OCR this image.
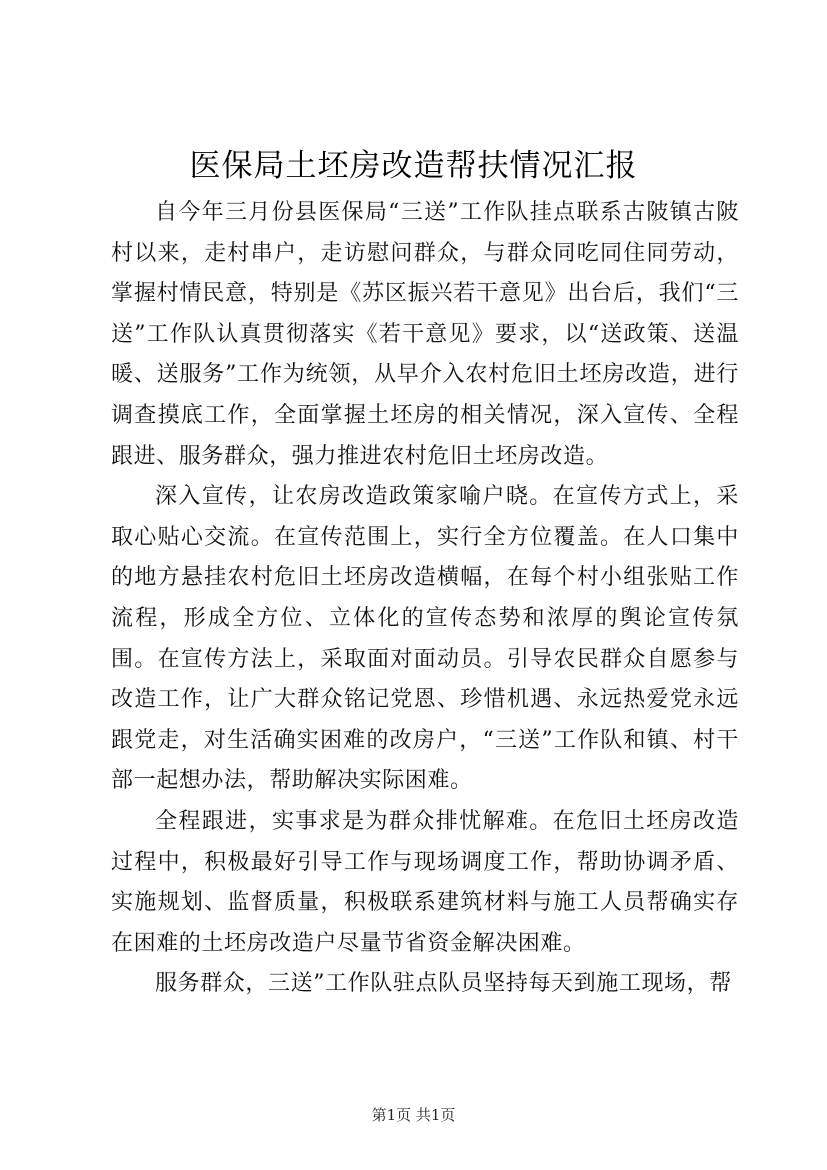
医保局土坯房改造帮扶情况汇报

自今年三月份县医保局“三送”工作队挂点联系古陂镇古陂村以来，走村串户，走访慰问群众，与群众同吃同住同劳动，掌握村情民意，特别是《苏区振兴若干意见》出台后，我们“三送”工作队认真贯彻落实《若干意见》要求，以“送政策、送温暖、送服务”工作为统领，从早介入农村危旧土坯房改造，进行调查摸底工作，全面掌握土坯房的相关情况，深入宣传、全程跟进、服务群众，强力推进农村危旧土坯房改造。

深入宣传，让农房改造政策家喻户晓。在宣传方式上，采取心贴心交流。在宣传范围上，实行全方位覆盖。在人口集中的地方悬挂农村危旧土坯房改造横幅，在每个村小组张贴工作流程，形成全方位、立体化的宣传态势和浓厚的舆论宣传氛围。在宣传方法上，采取面对面动员。引导农民群众自愿参与改造工作，让广大群众铭记党恩、珍惜机遇、永远热爱党永远跟党走，对生活确实困难的改房户，“三送”工作队和镇、村干部一起想办法，帮助解决实际困难。

全程跟进，实事求是为群众排忧解难。在危旧土坯房改造过程中，积极最好引导工作与现场调度工作，帮助协调矛盾、实施规划、监督质量，积极联系建筑材料与施工人员帮确实存在困难的土坯房改造户尽量节省资金解决困难。

服务群众，三送”工作队驻点队员坚持每天到施工现场，帮

第1页 共1页
